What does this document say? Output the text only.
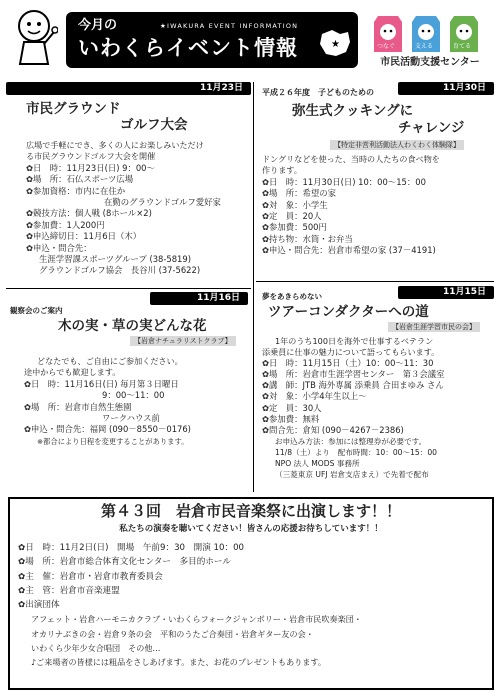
今月の	★IWAKURA EVENT INFORMATION
いわくらイベント情報	★	つなぐ	支える	育てる
市民活動支援センター
11月23日
市民グラウンド
ゴルフ大会
広場で手軽にでき、多くの人にお楽しみいただけ
る市民グラウンドゴルフ大会を開催
✿日　時：11月23日(日) 9：00～
✿場　所：石仏スポーツ広場
✿参加資格：市内に在住か
在勤のグラウンドゴルフ愛好家
✿競技方法：個人戦 (8ホール×2)
✿参加費：1人200円
✿申込締切日：11月6日（木）
✿申込・問合先：
生涯学習課スポーツグループ (38-5819)
グラウンドゴルフ協会　長谷川 (37-5622)
11月30日
平成２６年度　子どものための
弥生式クッキングに
チャレンジ
【特定非営利活動法人わくわく体験隊】
ドングリなどを使った、当時の人たちの食べ物を
作ります。
✿日　時：11月30日(日) 10：00～15：00
✿場　所：希望の家
✿対　象：小学生
✿定　員：20人
✿参加費：500円
✿持ち物：水筒・お弁当
✿申込・問合先：岩倉市希望の家 (37－4191)
11月16日
観察会のご案内
木の実・草の実どんな花
【岩倉ナチュラリストクラブ】
どなたでも、ご自由にご参加ください。
途中からでも歓迎します。
✿日　時：11月16日(日) 毎月第３日曜日
9：00～11：00
✿場　所：岩倉市自然生態園
ワークハウス前
✿申込・問合先：福岡 (090－8550－0176)
※都合により日程を変更することがあります。
11月15日
夢をあきらめない
ツアーコンダクターへの道
【岩倉生涯学習市民の会】
1年のうち100日を海外で仕事するベテラン
添乗員に仕事の魅力について語ってもらいます。
✿日　時：11月15日（土）10：00～11：30
✿場　所：岩倉市生涯学習センター　第３会議室
✿講　師：JTB 海外専属 添乗員 合田まゆみ さん
✿対　象：小学4年生以上～
✿定　員：30人
✿参加費：無料
✿問合先：倉知 (090－4267－2386)
お申込み方法：参加には整理券が必要です。
11/8（土）より　配布時間：10：00～15：00
NPO 法人 MODS 事務所
（三菱東京 UFJ 岩倉支店まえ）で先着で配布
第４３回　岩倉市民音楽祭に出演します！！
私たちの演奏を聴いてください！皆さんの応援お待ちしています！！
✿日　時：11月2日(日)　開場　午前9：30　開演 10：00
✿場　所：岩倉市総合体育文化センター　多目的ホール
✿主　催：岩倉市・岩倉市教育委員会
✿主　管：岩倉市音楽連盟
✿出演団体
アフェット・岩倉ハーモニカクラブ・いわくらフォークジャンボリー・岩倉市民吹奏楽団・
オカリナぶきの会・岩倉９条の会　平和のうたご合奏団・岩倉ギター友の会・
いわくら少年少女合唱団　その他…
♪ご来場者の皆様には粗品をさしあげます。また、お花のプレゼントもあります。
